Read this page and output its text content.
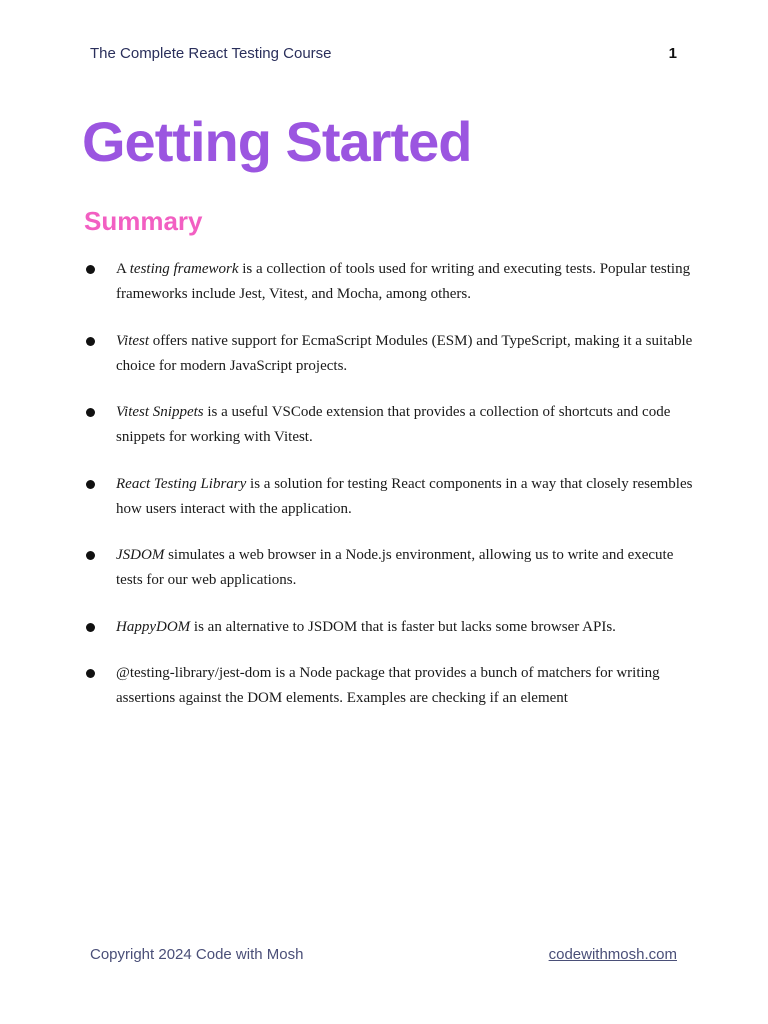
The Complete React Testing Course	1
Getting Started
Summary
A testing framework is a collection of tools used for writing and executing tests. Popular testing frameworks include Jest, Vitest, and Mocha, among others.
Vitest offers native support for EcmaScript Modules (ESM) and TypeScript, making it a suitable choice for modern JavaScript projects.
Vitest Snippets is a useful VSCode extension that provides a collection of shortcuts and code snippets for working with Vitest.
React Testing Library is a solution for testing React components in a way that closely resembles how users interact with the application.
JSDOM simulates a web browser in a Node.js environment, allowing us to write and execute tests for our web applications.
HappyDOM is an alternative to JSDOM that is faster but lacks some browser APIs.
@testing-library/jest-dom is a Node package that provides a bunch of matchers for writing assertions against the DOM elements. Examples are checking if an element
Copyright 2024 Code with Mosh	codewithmosh.com
